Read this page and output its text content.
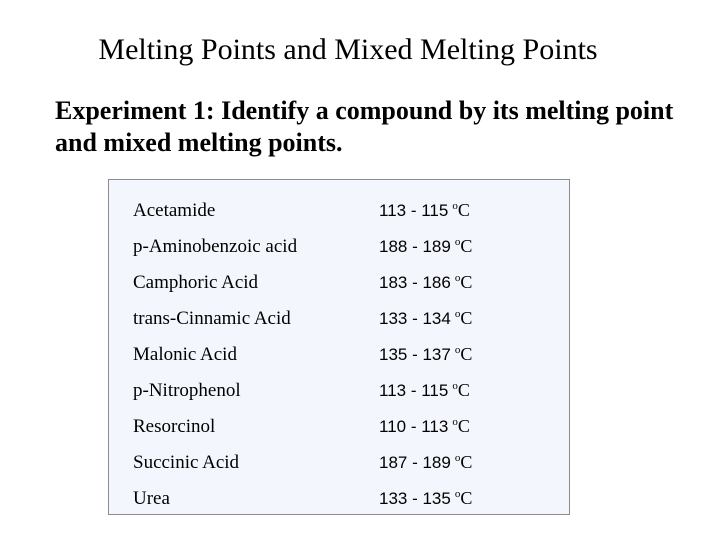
Melting Points and Mixed Melting Points
Experiment 1: Identify a compound by its melting point and mixed melting points.
Acetamide	113 - 115 $^o$C
p-Aminobenzoic acid	188 - 189 $^o$C
Camphoric Acid	183 - 186 $^o$C
trans-Cinnamic Acid	133 - 134 $^o$C
Malonic Acid	135 - 137 $^o$C
p-Nitrophenol	113 - 115 $^o$C
Resorcinol	110 - 113 $^o$C
Succinic Acid	187 - 189 $^o$C
Urea	133 - 135 $^o$C
